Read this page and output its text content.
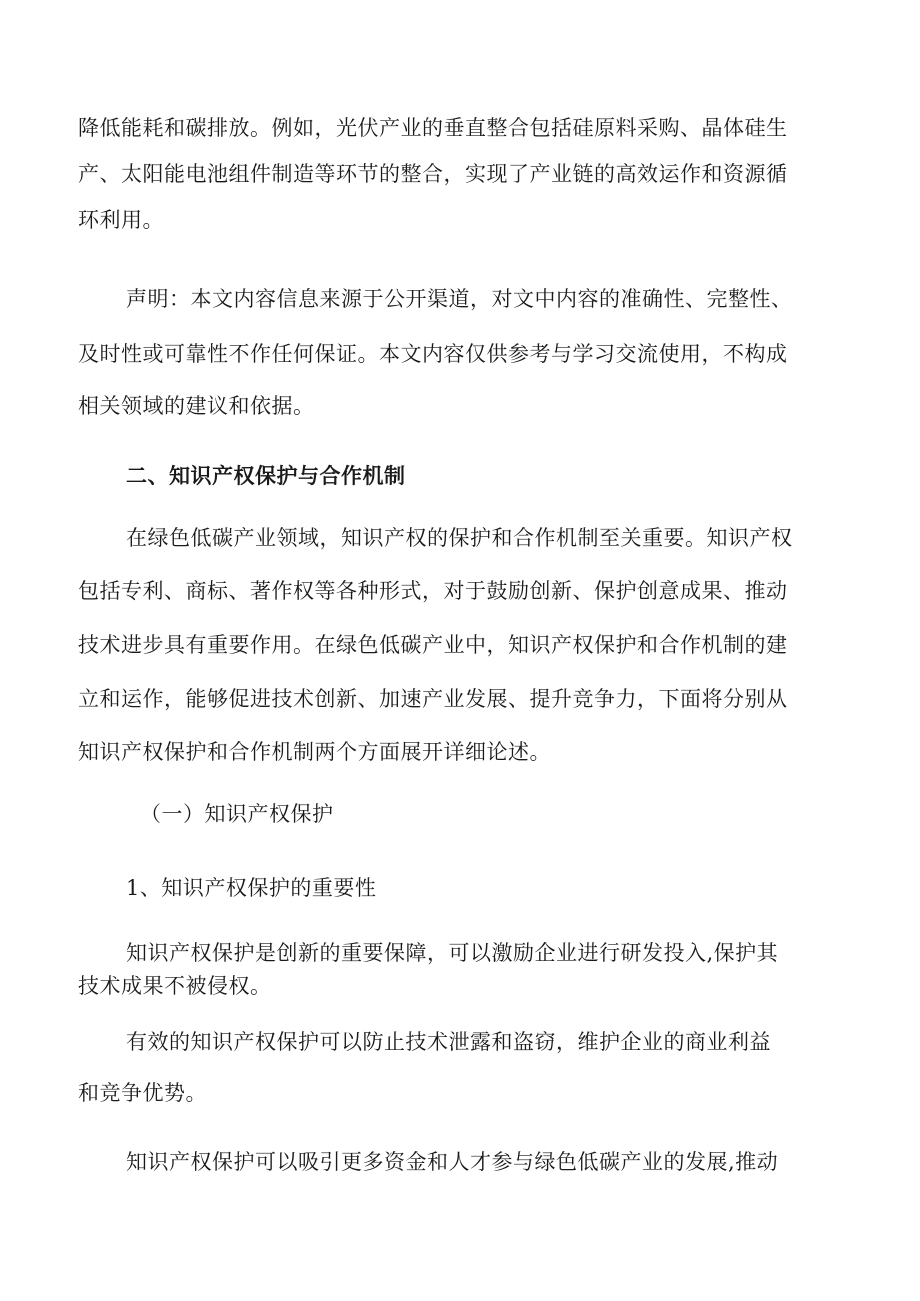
降低能耗和碳排放。例如，光伏产业的垂直整合包括硅原料采购、晶体硅生
产、太阳能电池组件制造等环节的整合，实现了产业链的高效运作和资源循
环利用。
声明：本文内容信息来源于公开渠道，对文中内容的准确性、完整性、
及时性或可靠性不作任何保证。本文内容仅供参考与学习交流使用，不构成
相关领域的建议和依据。
二、知识产权保护与合作机制
在绿色低碳产业领域，知识产权的保护和合作机制至关重要。知识产权
包括专利、商标、著作权等各种形式，对于鼓励创新、保护创意成果、推动
技术进步具有重要作用。在绿色低碳产业中，知识产权保护和合作机制的建
立和运作，能够促进技术创新、加速产业发展、提升竞争力，下面将分别从
知识产权保护和合作机制两个方面展开详细论述。
（一）知识产权保护
1、知识产权保护的重要性
知识产权保护是创新的重要保障，可以激励企业进行研发投入,保护其
技术成果不被侵权。
有效的知识产权保护可以防止技术泄露和盗窃，维护企业的商业利益
和竞争优势。
知识产权保护可以吸引更多资金和人才参与绿色低碳产业的发展,推动
